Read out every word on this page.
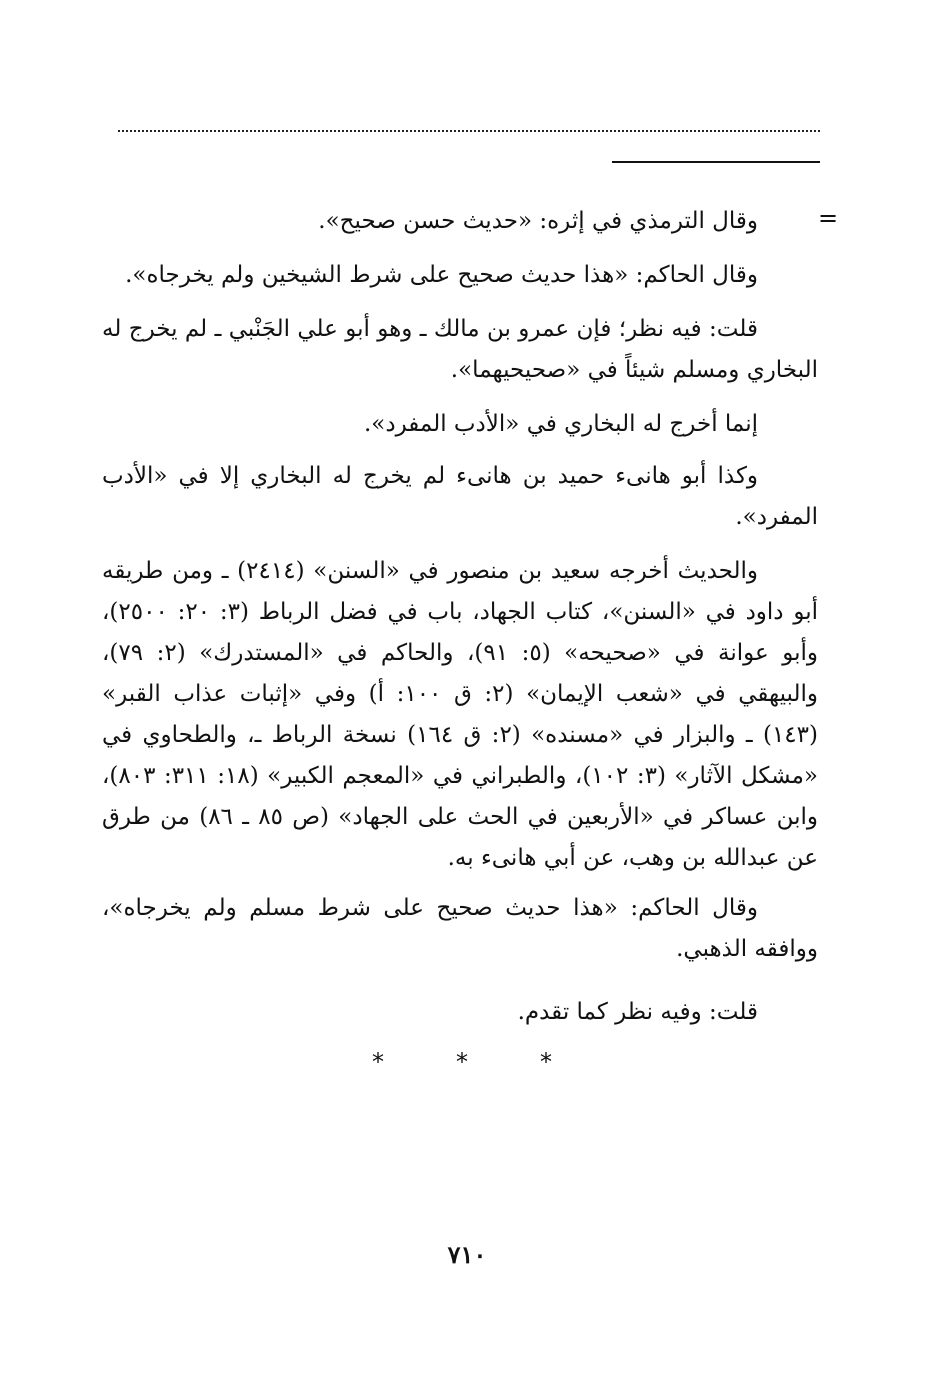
=
وقال الترمذي في إثره: «حديث حسن صحيح».
وقال الحاكم: «هذا حديث صحيح على شرط الشيخين ولم يخرجاه».
قلت: فيه نظر؛ فإن عمرو بن مالك ـ وهو أبو علي الجَنْبي ـ لم يخرج له البخاري ومسلم شيئاً في «صحيحيهما».
إنما أخرج له البخاري في «الأدب المفرد».
وكذا أبو هانىء حميد بن هانىء لم يخرج له البخاري إلا في «الأدب المفرد».
والحديث أخرجه سعيد بن منصور في «السنن» (٢٤١٤) ـ ومن طريقه أبو داود في «السنن»، كتاب الجهاد، باب في فضل الرباط (٣: ٢٠: ٢٥٠٠)، وأبو عوانة في «صحيحه» (٥: ٩١)، والحاكم في «المستدرك» (٢: ٧٩)، والبيهقي في «شعب الإيمان» (٢: ق ١٠٠: أ) وفي «إثبات عذاب القبر» (١٤٣) ـ والبزار في «مسنده» (٢: ق ١٦٤) نسخة الرباط ـ، والطحاوي في «مشكل الآثار» (٣: ١٠٢)، والطبراني في «المعجم الكبير» (١٨: ٣١١: ٨٠٣)، وابن عساكر في «الأربعين في الحث على الجهاد» (ص ٨٥ ـ ٨٦) من طرق عن عبدالله بن وهب، عن أبي هانىء به.
وقال الحاكم: «هذا حديث صحيح على شرط مسلم ولم يخرجاه»، ووافقه الذهبي.
قلت: وفيه نظر كما تقدم.
*	*	*
٧١٠
